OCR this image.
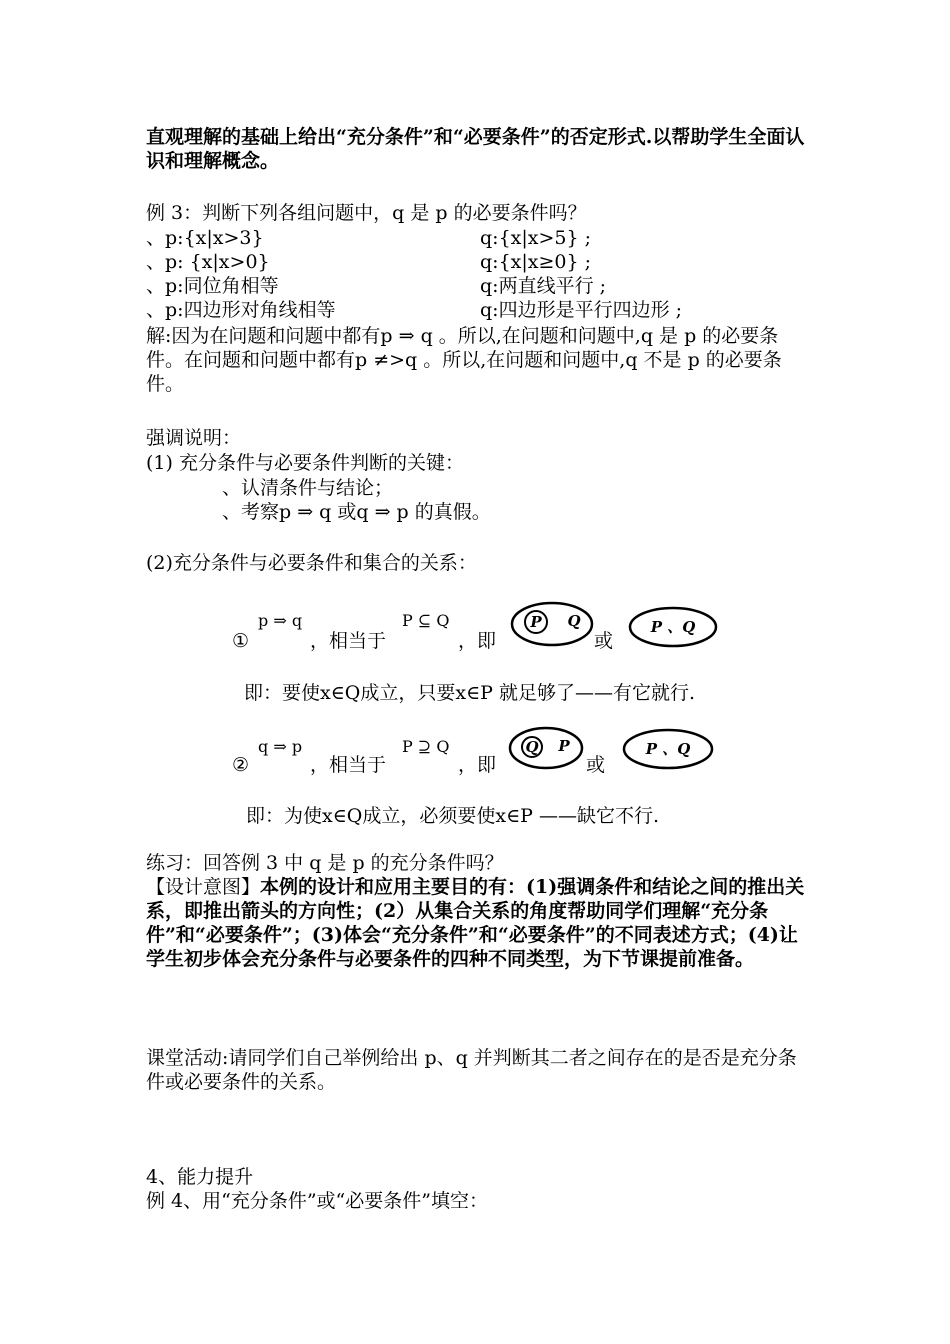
直观理解的基础上给出“充分条件”和“必要条件”的否定形式.以帮助学生全面认识和理解概念。
例 3：判断下列各组问题中，q 是 p 的必要条件吗？
、p:{x|x>3}	q:{x|x>5} ;
、p: {x|x>0}	q:{x|x≥0} ;
、p:同位角相等	q:两直线平行 ;
、p:四边形对角线相等	q:四边形是平行四边形 ;
解:因为在问题和问题中都有p ⇒ q 。所以,在问题和问题中,q 是 p 的必要条件。在问题和问题中都有p ≠>q 。所以,在问题和问题中,q 不是 p 的必要条件。
强调说明：
(1) 充分条件与必要条件判断的关键：
、认清条件与结论；
、考察p ⇒ q 或q ⇒ p 的真假。
(2)充分条件与必要条件和集合的关系：
①
p ⇒ q
，相当于
P ⊆ Q
，即
P Q
或
P 、Q
即：要使x∈Q成立，只要x∈P 就足够了——有它就行.
②
q ⇒ p
，相当于
P ⊇ Q
，即
Q P
或
P 、Q
即：为使x∈Q成立，必须要使x∈P ——缺它不行.
练习：回答例 3 中 q 是 p 的充分条件吗？
【设计意图】本例的设计和应用主要目的有：(1)强调条件和结论之间的推出关系，即推出箭头的方向性；(2）从集合关系的角度帮助同学们理解“充分条件”和“必要条件”；(3)体会“充分条件”和“必要条件”的不同表述方式；(4)让学生初步体会充分条件与必要条件的四种不同类型，为下节课提前准备。
课堂活动:请同学们自己举例给出 p、q 并判断其二者之间存在的是否是充分条件或必要条件的关系。
4、能力提升
例 4、用“充分条件”或“必要条件”填空：
